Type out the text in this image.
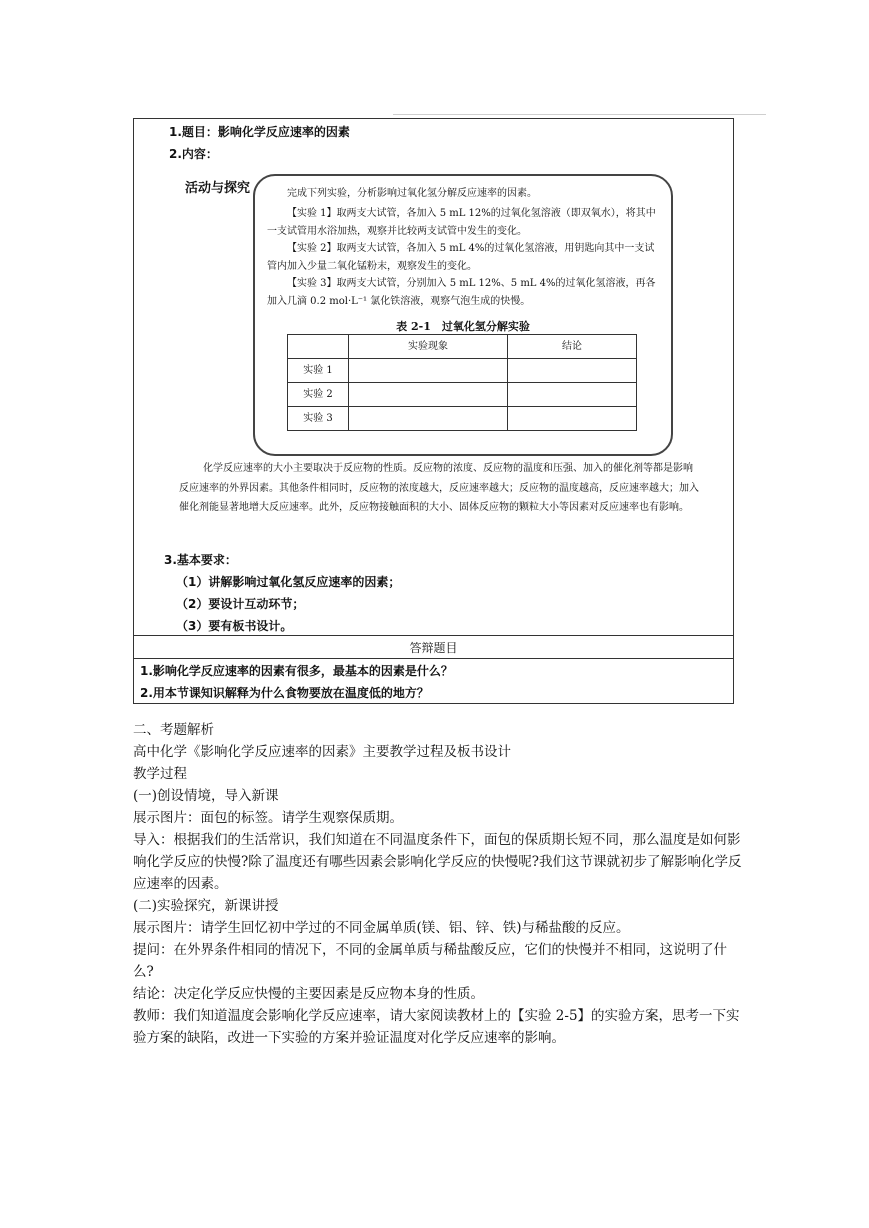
1.题目：影响化学反应速率的因素
2.内容：
活动与探究	完成下列实验，分析影响过氧化氢分解反应速率的因素。
【实验 1】取两支大试管，各加入 5 mL 12%的过氧化氢溶液（即双氧水），将其中一支试管用水浴加热，观察并比较两支试管中发生的变化。
【实验 2】取两支大试管，各加入 5 mL 4%的过氧化氢溶液，用钥匙向其中一支试管内加入少量二氧化锰粉末，观察发生的变化。
【实验 3】取两支大试管，分别加入 5 mL 12%、5 mL 4%的过氧化氢溶液，再各加入几滴 0.2 mol·L⁻¹ 氯化铁溶液，观察气泡生成的快慢。
表 2-1　过氧化氢分解实验
	实验现象	结论
实验 1		
实验 2		
实验 3		
化学反应速率的大小主要取决于反应物的性质。反应物的浓度、反应物的温度和压强、加入的催化剂等都是影响反应速率的外界因素。其他条件相同时，反应物的浓度越大，反应速率越大；反应物的温度越高，反应速率越大；加入催化剂能显著地增大反应速率。此外，反应物接触面积的大小、固体反应物的颗粒大小等因素对反应速率也有影响。
3.基本要求：
（1）讲解影响过氧化氢反应速率的因素；
（2）要设计互动环节；
（3）要有板书设计。
答辩题目
1.影响化学反应速率的因素有很多，最基本的因素是什么？
2.用本节课知识解释为什么食物要放在温度低的地方？

二、考题解析

高中化学《影响化学反应速率的因素》主要教学过程及板书设计

教学过程

(一)创设情境，导入新课

展示图片：面包的标签。请学生观察保质期。

导入：根据我们的生活常识，我们知道在不同温度条件下，面包的保质期长短不同，那么温度是如何影响化学反应的快慢?除了温度还有哪些因素会影响化学反应的快慢呢?我们这节课就初步了解影响化学反应速率的因素。

(二)实验探究，新课讲授

展示图片：请学生回忆初中学过的不同金属单质(镁、铝、锌、铁)与稀盐酸的反应。

提问：在外界条件相同的情况下，不同的金属单质与稀盐酸反应，它们的快慢并不相同，这说明了什么?

结论：决定化学反应快慢的主要因素是反应物本身的性质。

教师：我们知道温度会影响化学反应速率，请大家阅读教材上的【实验 2-5】的实验方案，思考一下实验方案的缺陷，改进一下实验的方案并验证温度对化学反应速率的影响。
